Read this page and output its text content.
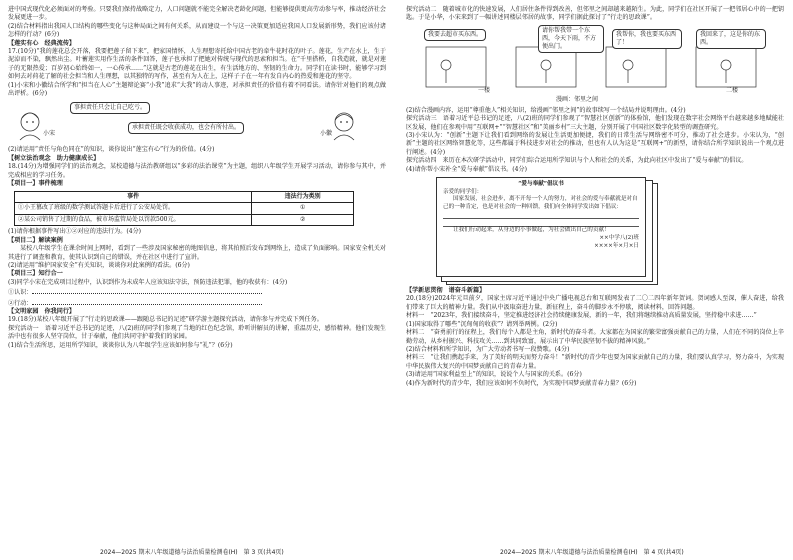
进中国式现代化必须面对的考验。只要我们保持战略定力，人口问题就不能完全解决老龄化问题，但能够提供更高劳动参与率，推动经济社会发展更进一步。

(2)结合材料指出我国人口结构的哪些变化与这种局面之间有何关系，从而建设一个与这一决策更加适应我国人口发展新形势，我们应该付诸怎样的行动？(6分)

【莲实有心　经典流传】

17.(10分)“我的莲花总会开落，我要把莲子留下来”，把家国情怀，人生理想寄托给中国古老的牵牛花时花的叶子。莲花，生产在水上，生于泥淖而不染，飘然出尘。叶蓄莲实用作生活的条件回答，莲子也承担了把她对传统与现代的思索和担当。在“千里搭桥，自我造就，就是对莲子的无限热爱；百岁初心始终如一，一心传承……”这就是古老的莲花在出生，有生活地方的、坚韧的生命力。同学们在读书时，能够学习到如何去对荷花了解的社会担当和人生理想，以其独特的写作，甚至有为人在上，这样子子在一年有发自内心的热爱和莲花的坚守。

(1)小宋和小徽结合所学和“担当在人心”主题辩论赛“小我”追求“大我”的动人事迹，对承担责任的价值有着不同看法。请你针对他们的观点做出评析。(6分)

事担责任只会让自己吃亏。
承担责任既会收获成功，也会有所付出。
小宋	小徽

(2)请运用“责任与角色同在”的知识，谈你说出“莲宝有心”行为的价值。(4分)

【树立法治观念　助力健康成长】

18.(14分)为增强同学们的法治观念，某校道德与法治教研组以“多彩的法治课堂”为主题，组织八年级学生开展学习活动，请你参与其中，并完成相应的学习任务。

【项目一】事件梳理

事件	违法行为类别
①小王篡改了班级的数学测试答题卡后进行了公安局处罚。	①
②某公司销售了过期的食品，被市场监管局处以罚款500元。	②

(1)请你根据事件写出①②对应的违法行为。(4分)

【项目二】解读案例

某校八年级学生在课余时间上网时，看到了一些涉及国家秘密的地图信息，将其拍照后发布到网络上，造成了负面影响。国家安全机关对其进行了调查和教育，使其认识到自己的错误，并在社区中进行了宣讲。

(2)请运用“维护国家安全”有关知识，谈谈你对此案例的看法。(6分)

【项目三】知行合一

(3)同学小宋在完成项目过程中，认识到作为未成年人应该知法守法，预防违法犯罪，他的收获有：(4分)

①认识：

②行动：

【文明家园　你我同行】

19.(18分)某校八年级开展了“行走的思政课——跟随总书记的足迹”研学游主题探究活动，请你参与并完成下列任务。

探究活动一　语着习近平总书记的足迹，八(2)班的同学们参观了当地的红色纪念馆，聆听讲解员的讲解，重温历史，感悟精神。他们发现生活中也有很多人坚守岗位，甘于奉献，他们共同守护着我们的家园。

(1)结合生活所思，运用所学知识，谈谈你认为八年级学生应该如何参与“礼”？(6分)

探究活动二　随着城市化的快速发展，人们居住条件得到改善，但邻里之间却越来越陌生。为此，同学们在社区开展了一把邻居心中的一把钥匙。于是小华，小宋来到了一幅讲述同楼层邻居的故事，同学们据此探讨了“行走的思政课”。

我要去超市买东西。
请你帮我带一个东西，今天下雨，不方便出门。
我帮你，我也要买东西了！
我回来了，这是你的东西。
一楼	二楼
漫画：邻里之间

(2)结合漫画内容，运用“尊重他人”相关知识，给漫画“邻里之间”的故事续写一个结局并说明理由。(4分)

探究活动三　语着习近平总书记的足迹，八(2)班的同学们参观了“智慧社区创新”的体验馆，他们发现在数字社会网络平台越来越多地赋能社区发展，他们在参观中用“互联网+”“智慧社区”和“美丽乡村”三大主题，分别开展了中国社区数字化转型的调查研究。

(3)小宋认为：“创新”主题下让我们看到网络的发展让生活更加便捷，我们的日常生活与网络密不可分，推动了社会进步。小宋认为，“创新”主题的社区网络智慧化等，这些都属于科技进步对社会的推动，但也有人认为这是“互联网+”的新型，请你结合所学知识说出一个观点进行阐述。(4分)

探究活动四　来历在本次研学活动中，同学们综合运用所学知识与个人和社会的关系，为此向社区中发出了“爱与奉献”的倡议。

(4)请你帮小宋补全“爱与奉献”倡议书。(4分)

“爱与奉献”倡议书
亲爱的同学们：
国家发展，社会进步，离不开每一个人的努力，对社会的爱与奉献就是对自己的一种肯定，也是对社会的一种回馈，我们向全体同学发出如下倡议：
让我们行动起来，从身边的小事做起，为社会做出自己的贡献！
××中学八(2)班
××××年×月×日

【学新思贯彻　谱奋斗新篇】

20.(18分)2024年元旦前夕，国家主席习近平通过中央广播电视总台和互联网发表了二〇二四年新年贺词。贺词感人至深，催人奋进，给我们带来了巨大的精神力量。我们从中汲取奋进力量，新征程上，奋斗的脚步永不停歇，阅读材料，回答问题。

材料一　“2023年，我们接续奋斗，坚定推进经济社会持续健康发展，新的一年，我们将继续推动高质量发展，坚持稳中求进……”

(1)国家取得了哪些“沉甸甸的收获”？请列举两例。(2分)

材料二　“奋勇前行的征程上，我们每个人都是主角，新时代的奋斗者。大家都在为国家的繁荣富强贡献自己的力量，人们在不同的岗位上辛勤劳动，从乡村振兴、科技攻关……到共同致富，展示出了中华民族坚韧不拔的精神风貌。”

(2)结合材料和所学知识，为广大劳动者书写一段赞歌。(4分)

材料三　“让我们携起手来，为了美好的明天而努力奋斗！”新时代的青少年也要为国家贡献自己的力量，我们要认真学习，努力奋斗，为实现中华民族伟大复兴的中国梦贡献自己的青春力量。

(3)请运用“国家利益至上”的知识，说说个人与国家的关系。(6分)

(4)作为新时代的青少年，我们应该如何不负时代，为实现中国梦贡献青春力量？(6分)

2024—2025 期末八年级道德与法治质量检测卷(H)　第 3 页(共4页)	2024—2025 期末八年级道德与法治质量检测卷(H)　第 4 页(共4页)
